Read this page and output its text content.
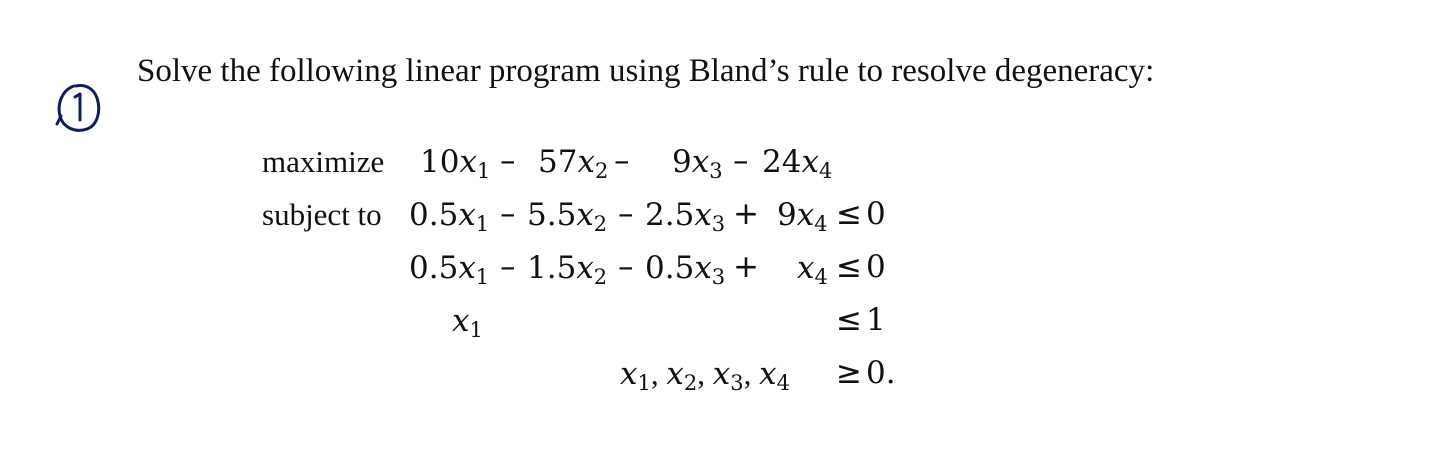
Solve the following linear program using Bland’s rule to resolve degeneracy:
maximize 10x1 – 57x2 – 9x3 – 24x4
subject to 0.5x1 – 5.5x2 – 2.5x3 + 9x4 ≤ 0
0.5x1 – 1.5x2 – 0.5x3 + x4 ≤ 0
x1	≤ 1
x1, x2, x3, x4 ≥ 0.
